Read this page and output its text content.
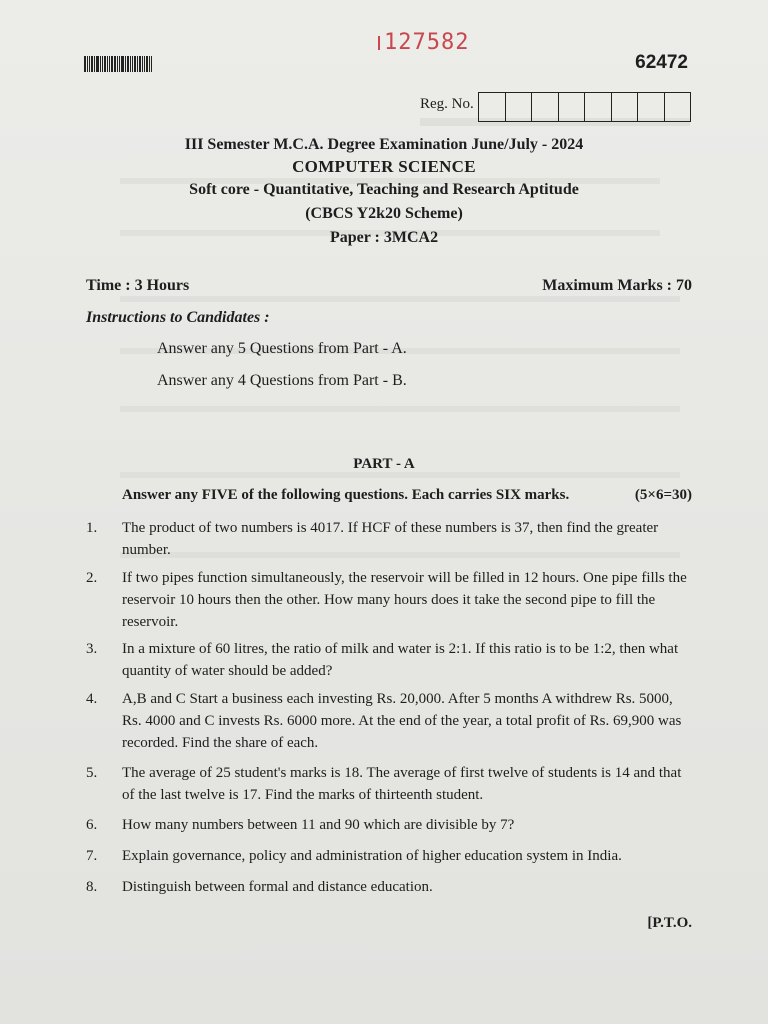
127582
62472
Reg. No.
III Semester M.C.A. Degree Examination June/July - 2024
COMPUTER SCIENCE
Soft core - Quantitative, Teaching and Research Aptitude
(CBCS Y2k20 Scheme)
Paper : 3MCA2
Time : 3 Hours	Maximum Marks : 70
Instructions to Candidates :
Answer any 5 Questions from Part - A.
Answer any 4 Questions from Part - B.
PART - A
Answer any FIVE of the following questions. Each carries SIX marks.	(5×6=30)
1. The product of two numbers is 4017. If HCF of these numbers is 37, then find the greater number.
2. If two pipes function simultaneously, the reservoir will be filled in 12 hours. One pipe fills the reservoir 10 hours then the other. How many hours does it take the second pipe to fill the reservoir.
3. In a mixture of 60 litres, the ratio of milk and water is 2:1. If this ratio is to be 1:2, then what quantity of water should be added?
4. A,B and C Start a business each investing Rs. 20,000. After 5 months A withdrew Rs. 5000, Rs. 4000 and C invests Rs. 6000 more. At the end of the year, a total profit of Rs. 69,900 was recorded. Find the share of each.
5. The average of 25 student's marks is 18. The average of first twelve of students is 14 and that of the last twelve is 17. Find the marks of thirteenth student.
6. How many numbers between 11 and 90 which are divisible by 7?
7. Explain governance, policy and administration of higher education system in India.
8. Distinguish between formal and distance education.
[P.T.O.
